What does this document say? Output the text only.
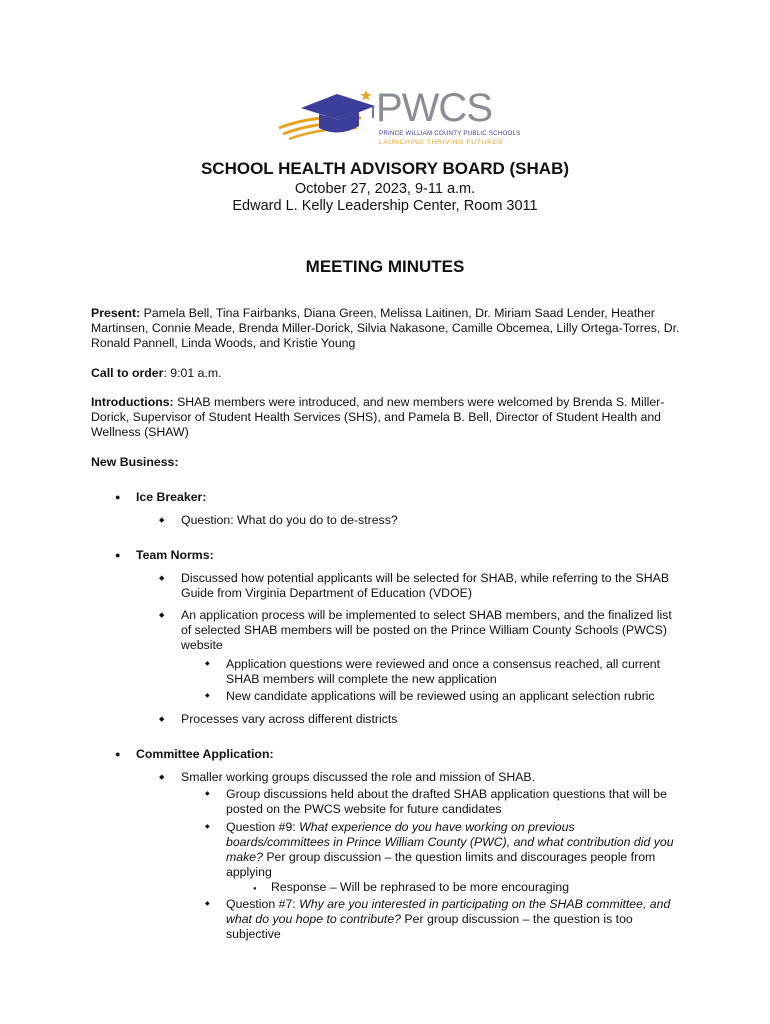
PWCS
PRINCE WILLIAM COUNTY PUBLIC SCHOOLS
LAUNCHING THRIVING FUTURES
SCHOOL HEALTH ADVISORY BOARD (SHAB)
October 27, 2023, 9-11 a.m.
Edward L. Kelly Leadership Center, Room 3011
MEETING MINUTES
Present: Pamela Bell, Tina Fairbanks, Diana Green, Melissa Laitinen, Dr. Miriam Saad Lender, Heather Martinsen, Connie Meade, Brenda Miller-Dorick, Silvia Nakasone, Camille Obcemea, Lilly Ortega-Torres, Dr. Ronald Pannell, Linda Woods, and Kristie Young
Call to order: 9:01 a.m.
Introductions: SHAB members were introduced, and new members were welcomed by Brenda S. Miller-Dorick, Supervisor of Student Health Services (SHS), and Pamela B. Bell, Director of Student Health and Wellness (SHAW)
New Business:
● Ice Breaker:
◆ Question: What do you do to de-stress?
● Team Norms:
◆ Discussed how potential applicants will be selected for SHAB, while referring to the SHAB Guide from Virginia Department of Education (VDOE)
◆ An application process will be implemented to select SHAB members, and the finalized list of selected SHAB members will be posted on the Prince William County Schools (PWCS) website
◆ Application questions were reviewed and once a consensus reached, all current SHAB members will complete the new application
◆ New candidate applications will be reviewed using an applicant selection rubric
◆ Processes vary across different districts
● Committee Application:
◆ Smaller working groups discussed the role and mission of SHAB.
◆ Group discussions held about the drafted SHAB application questions that will be posted on the PWCS website for future candidates
◆ Question #9: What experience do you have working on previous boards/committees in Prince William County (PWC), and what contribution did you make? Per group discussion – the question limits and discourages people from applying
● Response – Will be rephrased to be more encouraging
◆ Question #7: Why are you interested in participating on the SHAB committee, and what do you hope to contribute? Per group discussion – the question is too subjective
